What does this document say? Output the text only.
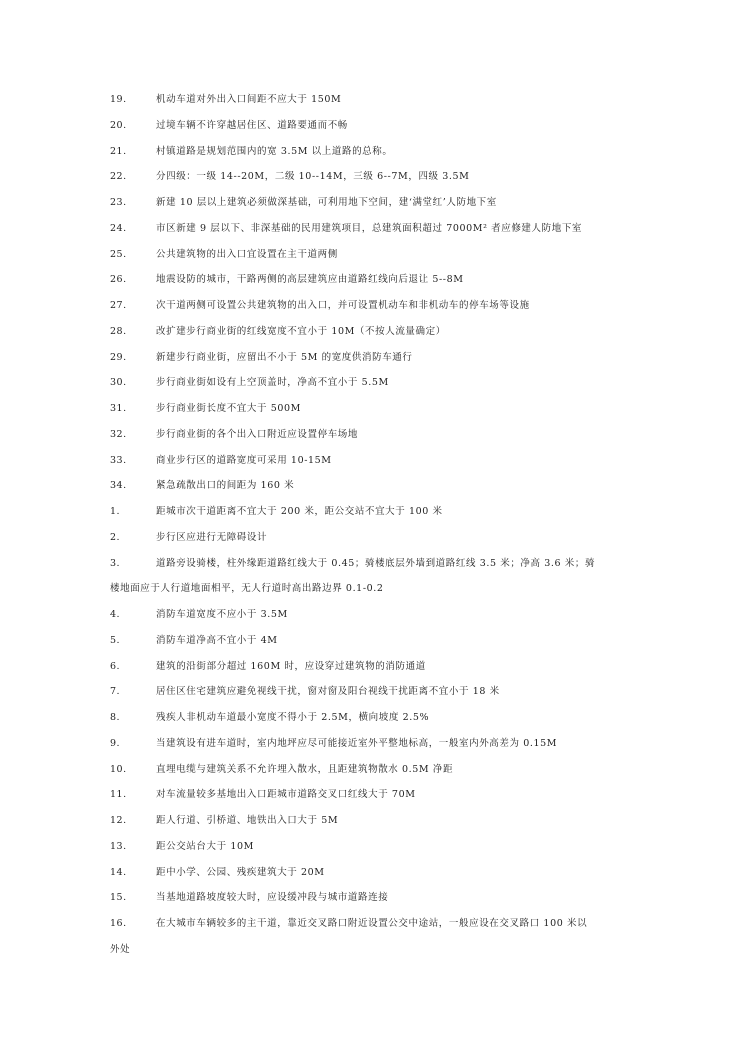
19.	机动车道对外出入口间距不应大于 150M
20.	过境车辆不许穿越居住区、道路要通而不畅
21.	村镇道路是规划范围内的宽 3.5M 以上道路的总称。
22.	分四级：一级 14--20M，二级 10--14M，三级 6--7M，四级 3.5M
23.	新建 10 层以上建筑必须做深基础，可利用地下空间，建‘满堂红’人防地下室
24.	市区新建 9 层以下、非深基础的民用建筑项目，总建筑面积超过 7000M² 者应修建人防地下室
25.	公共建筑物的出入口宜设置在主干道两侧
26.	地震设防的城市，干路两侧的高层建筑应由道路红线向后退让 5--8M
27.	次干道两侧可设置公共建筑物的出入口，并可设置机动车和非机动车的停车场等设施
28.	改扩建步行商业街的红线宽度不宜小于 10M（不按人流量确定）
29.	新建步行商业街，应留出不小于 5M 的宽度供消防车通行
30.	步行商业街如设有上空顶盖时，净高不宜小于 5.5M
31.	步行商业街长度不宜大于 500M
32.	步行商业街的各个出入口附近应设置停车场地
33.	商业步行区的道路宽度可采用 10-15M
34.	紧急疏散出口的间距为 160 米
1.	距城市次干道距离不宜大于 200 米，距公交站不宜大于 100 米
2.	步行区应进行无障碍设计
3.	道路旁设骑楼，柱外缘距道路红线大于 0.45；骑楼底层外墙到道路红线 3.5 米；净高 3.6 米；骑
楼地面应于人行道地面相平，无人行道时高出路边界 0.1-0.2
4.	消防车道宽度不应小于 3.5M
5.	消防车道净高不宜小于 4M
6.	建筑的沿街部分超过 160M 时，应设穿过建筑物的消防通道
7.	居住区住宅建筑应避免视线干扰，窗对窗及阳台视线干扰距离不宜小于 18 米
8.	残疾人非机动车道最小宽度不得小于 2.5M，横向坡度 2.5%
9.	当建筑设有进车道时，室内地坪应尽可能接近室外平整地标高，一般室内外高差为 0.15M
10.	直埋电缆与建筑关系不允许埋入散水，且距建筑物散水 0.5M 净距
11.	对车流量较多基地出入口距城市道路交叉口红线大于 70M
12.	距人行道、引桥道、地铁出入口大于 5M
13.	距公交站台大于 10M
14.	距中小学、公园、残疾建筑大于 20M
15.	当基地道路坡度较大时，应设缓冲段与城市道路连接
16.	在大城市车辆较多的主干道，靠近交叉路口附近设置公交中途站，一般应设在交叉路口 100 米以
外处
